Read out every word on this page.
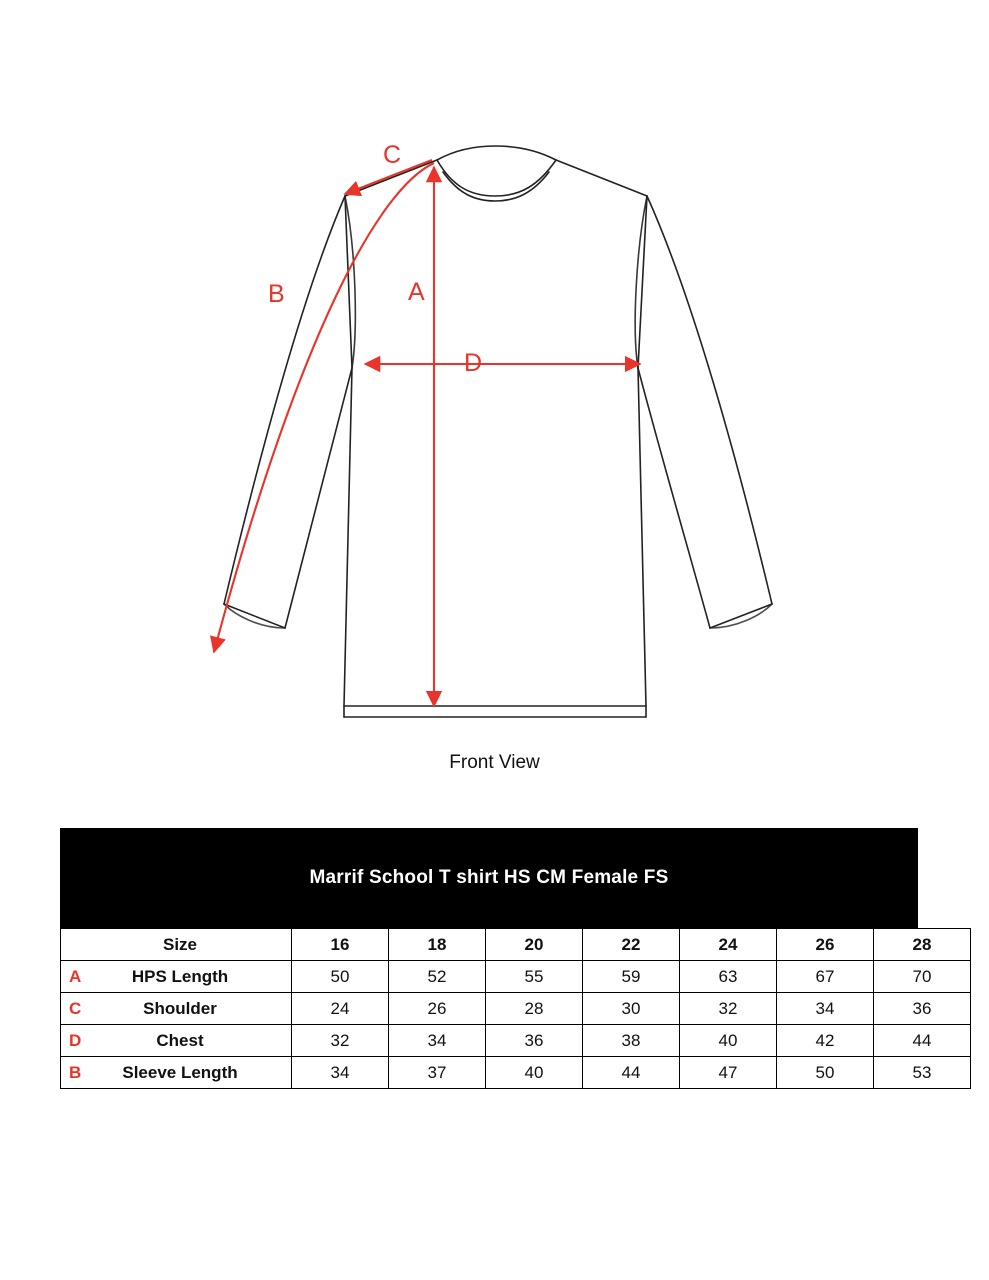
A
B
C
D
Front View
Marrif School T shirt HS CM Female FS
Size	16	18	20	22	24	26	28

A HPS Length	50	52	55	59	63	67	70

C Shoulder	24	26	28	30	32	34	36

D Chest	32	34	36	38	40	42	44

B Sleeve Length	34	37	40	44	47	50	53
